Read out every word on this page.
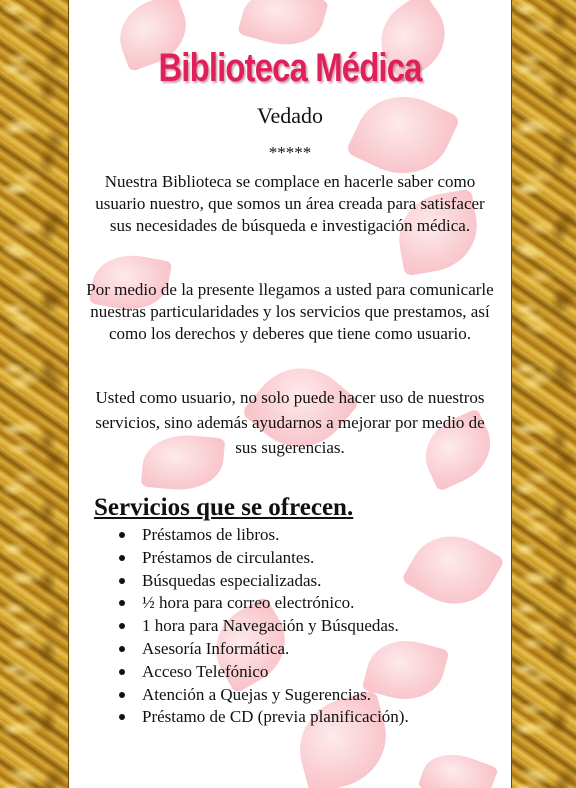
Biblioteca Médica
Vedado
*****

Nuestra Biblioteca se complace en hacerle saber como usuario nuestro, que somos un área creada para satisfacer sus necesidades de búsqueda e investigación médica.

Por medio de la presente llegamos a usted para comunicarle nuestras particularidades y los servicios que prestamos, así como los derechos y deberes que tiene como usuario.

Usted como usuario, no solo puede hacer uso de nuestros servicios, sino además ayudarnos a mejorar por medio de sus sugerencias.

Servicios que se ofrecen.
Préstamos de libros.
Préstamos de circulantes.
Búsquedas especializadas.
½ hora para correo electrónico.
1 hora para Navegación y Búsquedas.
Asesoría Informática.
Acceso Telefónico
Atención a Quejas y Sugerencias.
Préstamo de CD (previa planificación).
